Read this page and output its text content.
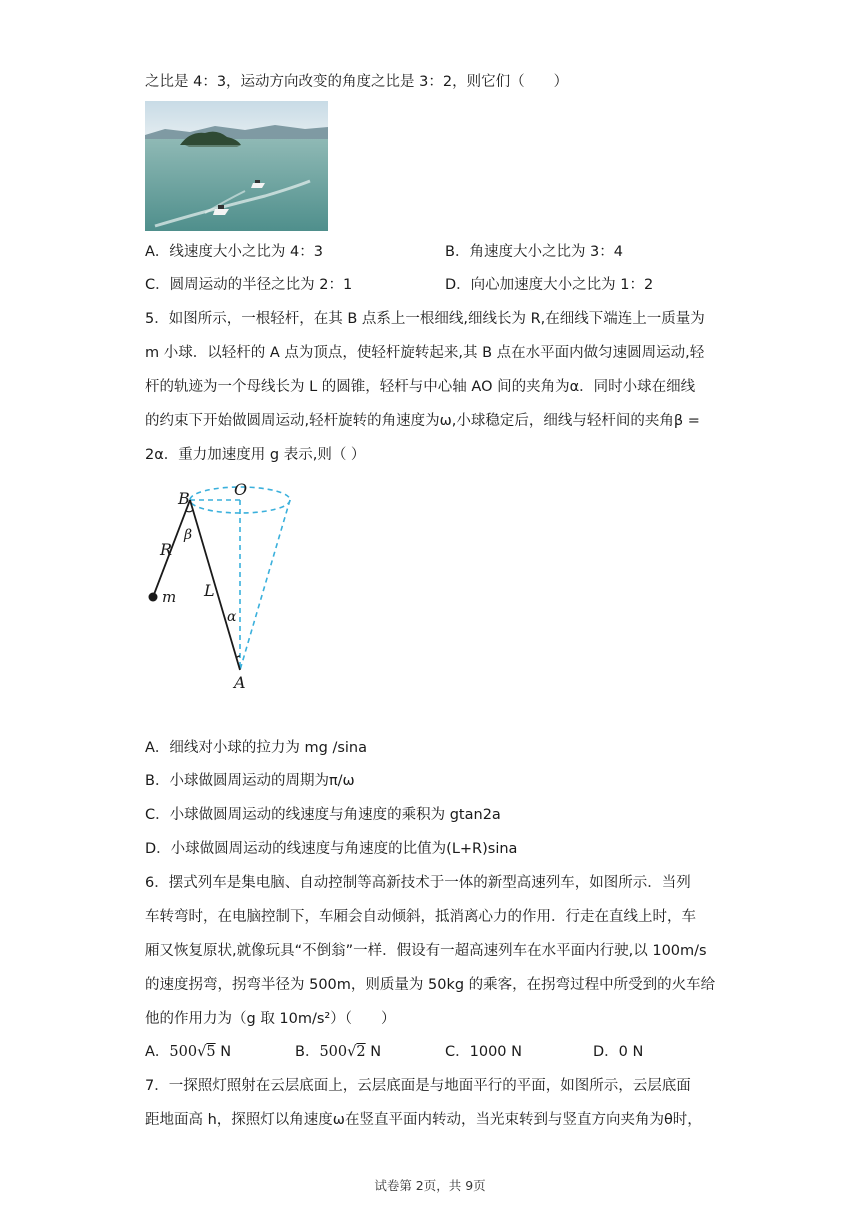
之比是 4：3，运动方向改变的角度之比是 3：2，则它们（　　）
A．线速度大小之比为 4：3	B．角速度大小之比为 3：4
C．圆周运动的半径之比为 2：1	D．向心加速度大小之比为 1：2
5．如图所示，一根轻杆，在其 B 点系上一根细线,细线长为 R,在细线下端连上一质量为
m 小球．以轻杆的 A 点为顶点，使轻杆旋转起来,其 B 点在水平面内做匀速圆周运动,轻
杆的轨迹为一个母线长为 L 的圆锥，轻杆与中心轴 AO 间的夹角为α．同时小球在细线
的约束下开始做圆周运动,轻杆旋转的角速度为ω,小球稳定后，细线与轻杆间的夹角β =
2α．重力加速度用 g 表示,则（ ）
B	O
β
R
m L
α
A
A．细线对小球的拉力为 mg /sina
B．小球做圆周运动的周期为π/ω
C．小球做圆周运动的线速度与角速度的乘积为 gtan2a
D．小球做圆周运动的线速度与角速度的比值为(L+R)sina
6．摆式列车是集电脑、自动控制等高新技术于一体的新型高速列车，如图所示．当列
车转弯时，在电脑控制下，车厢会自动倾斜，抵消离心力的作用．行走在直线上时，车
厢又恢复原状,就像玩具“不倒翁”一样．假设有一超高速列车在水平面内行驶,以 100m/s
的速度拐弯，拐弯半径为 500m，则质量为 50kg 的乘客，在拐弯过程中所受到的火车给
他的作用力为（g 取 10m/s²）（　　）
A．500√5 N	B．500√2 N	C．1000 N	D．0 N
7．一探照灯照射在云层底面上，云层底面是与地面平行的平面，如图所示，云层底面
距地面高 h，探照灯以角速度ω在竖直平面内转动，当光束转到与竖直方向夹角为θ时，
试卷第 2页，共 9页
